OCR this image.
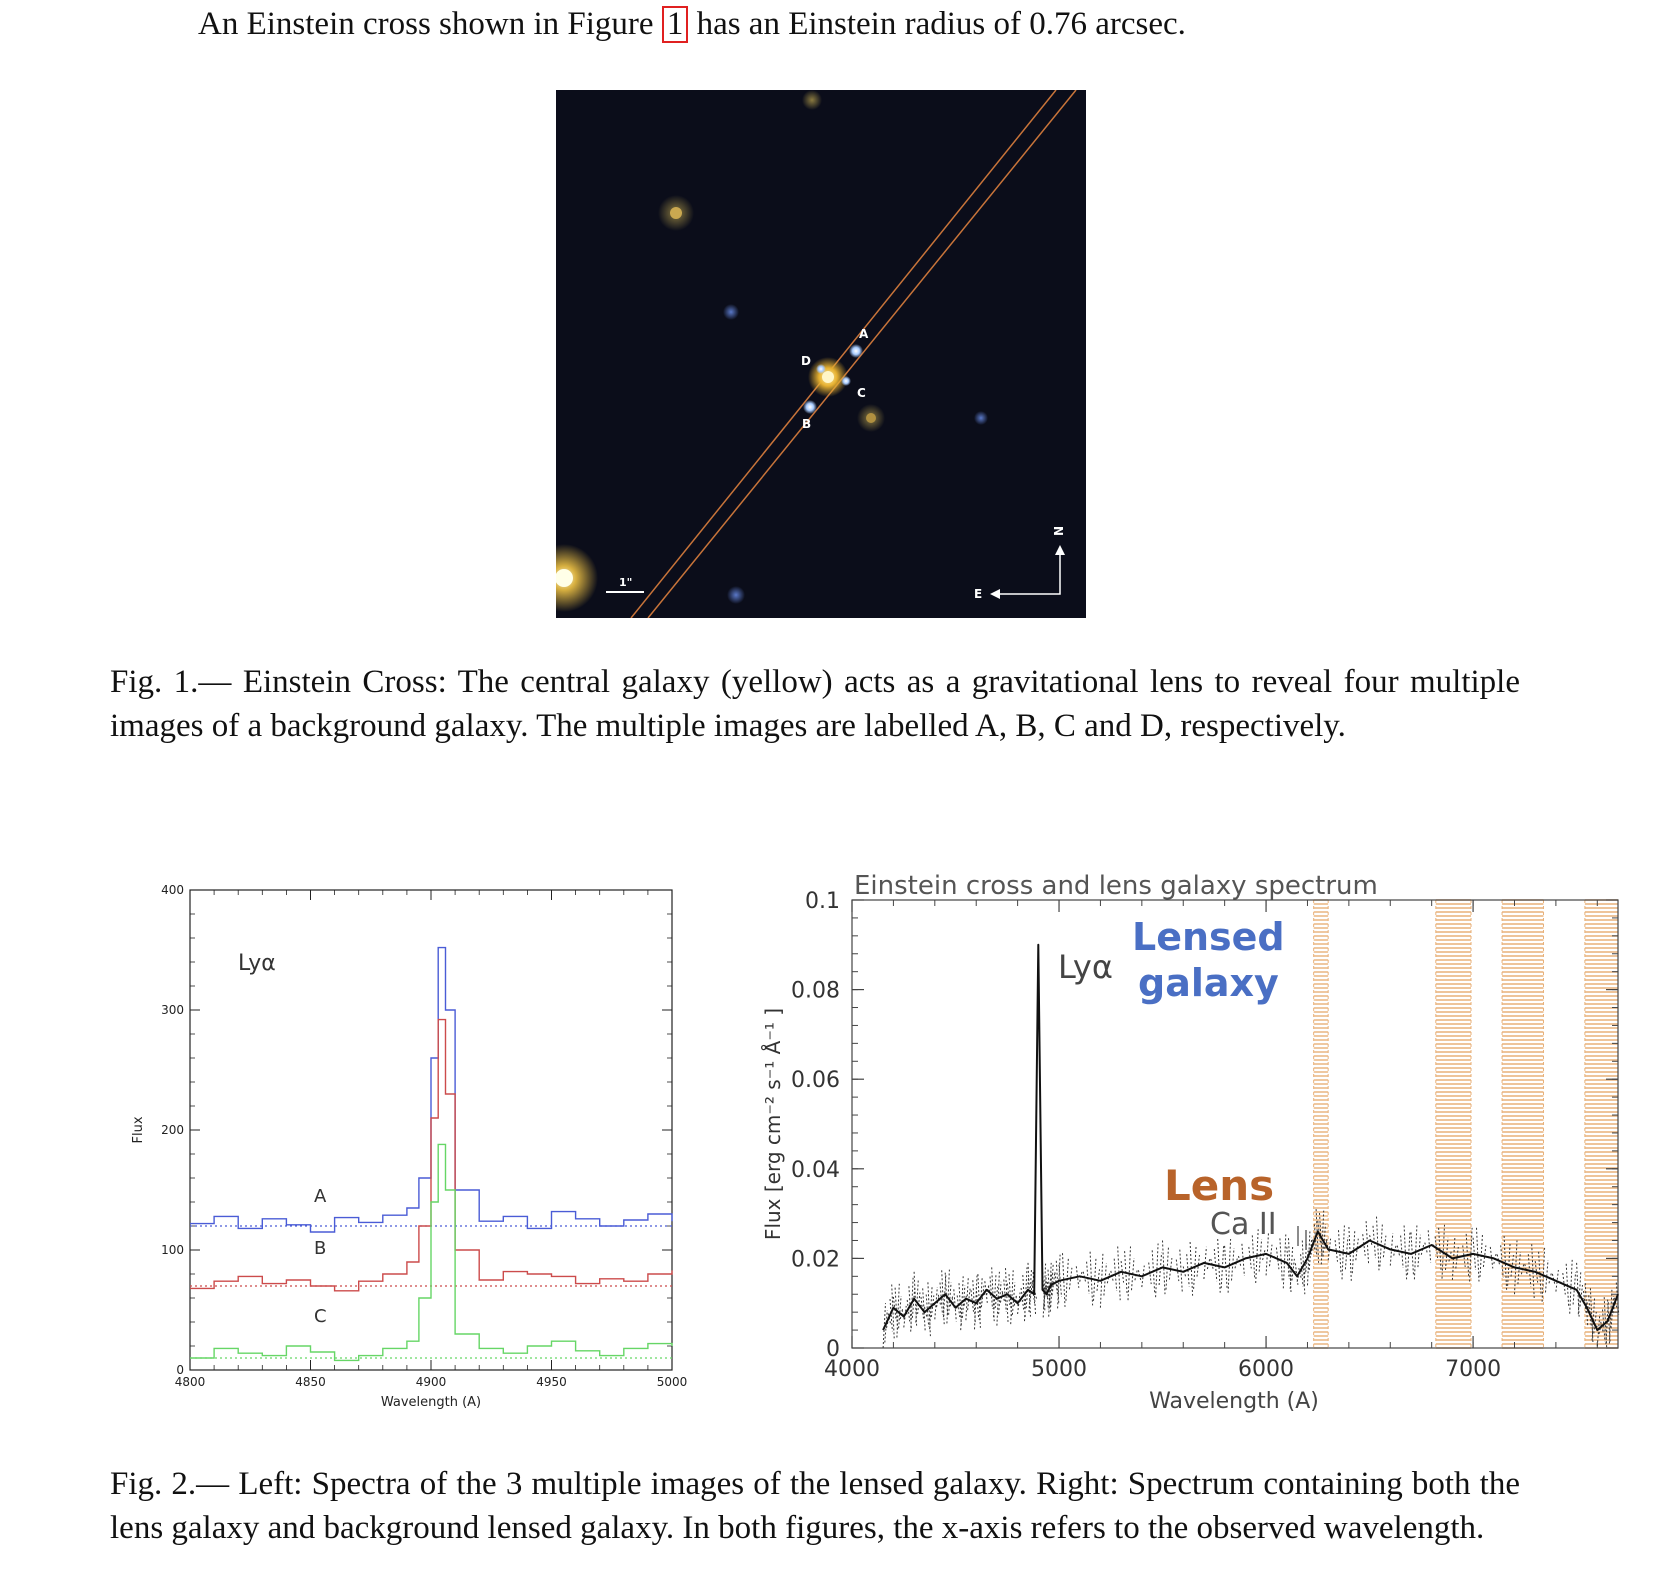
An Einstein cross shown in Figure 1 has an Einstein radius of 0.76 arcsec.
A
B
C
D
1"
N
E
Fig. 1.— Einstein Cross: The central galaxy (yellow) acts as a gravitational lens to reveal four multiple images of a background galaxy. The multiple images are labelled A, B, C and D, respectively.
4800	4850	4900	4950	5000
0
100
200
300
400
Lyα
A
B
C
Wavelength (A)
Flux
4000	5000	6000	7000
0
0.02
0.04
0.06
0.08
0.1
Einstein cross and lens galaxy spectrum
Lyα
Lensed
galaxy
Lens
Ca II
Wavelength (A)
Flux [erg cm⁻² s⁻¹ Å⁻¹ ]
Fig. 2.— Left: Spectra of the 3 multiple images of the lensed galaxy. Right: Spectrum containing both the lens galaxy and background lensed galaxy. In both figures, the x-axis refers to the observed wavelength.
